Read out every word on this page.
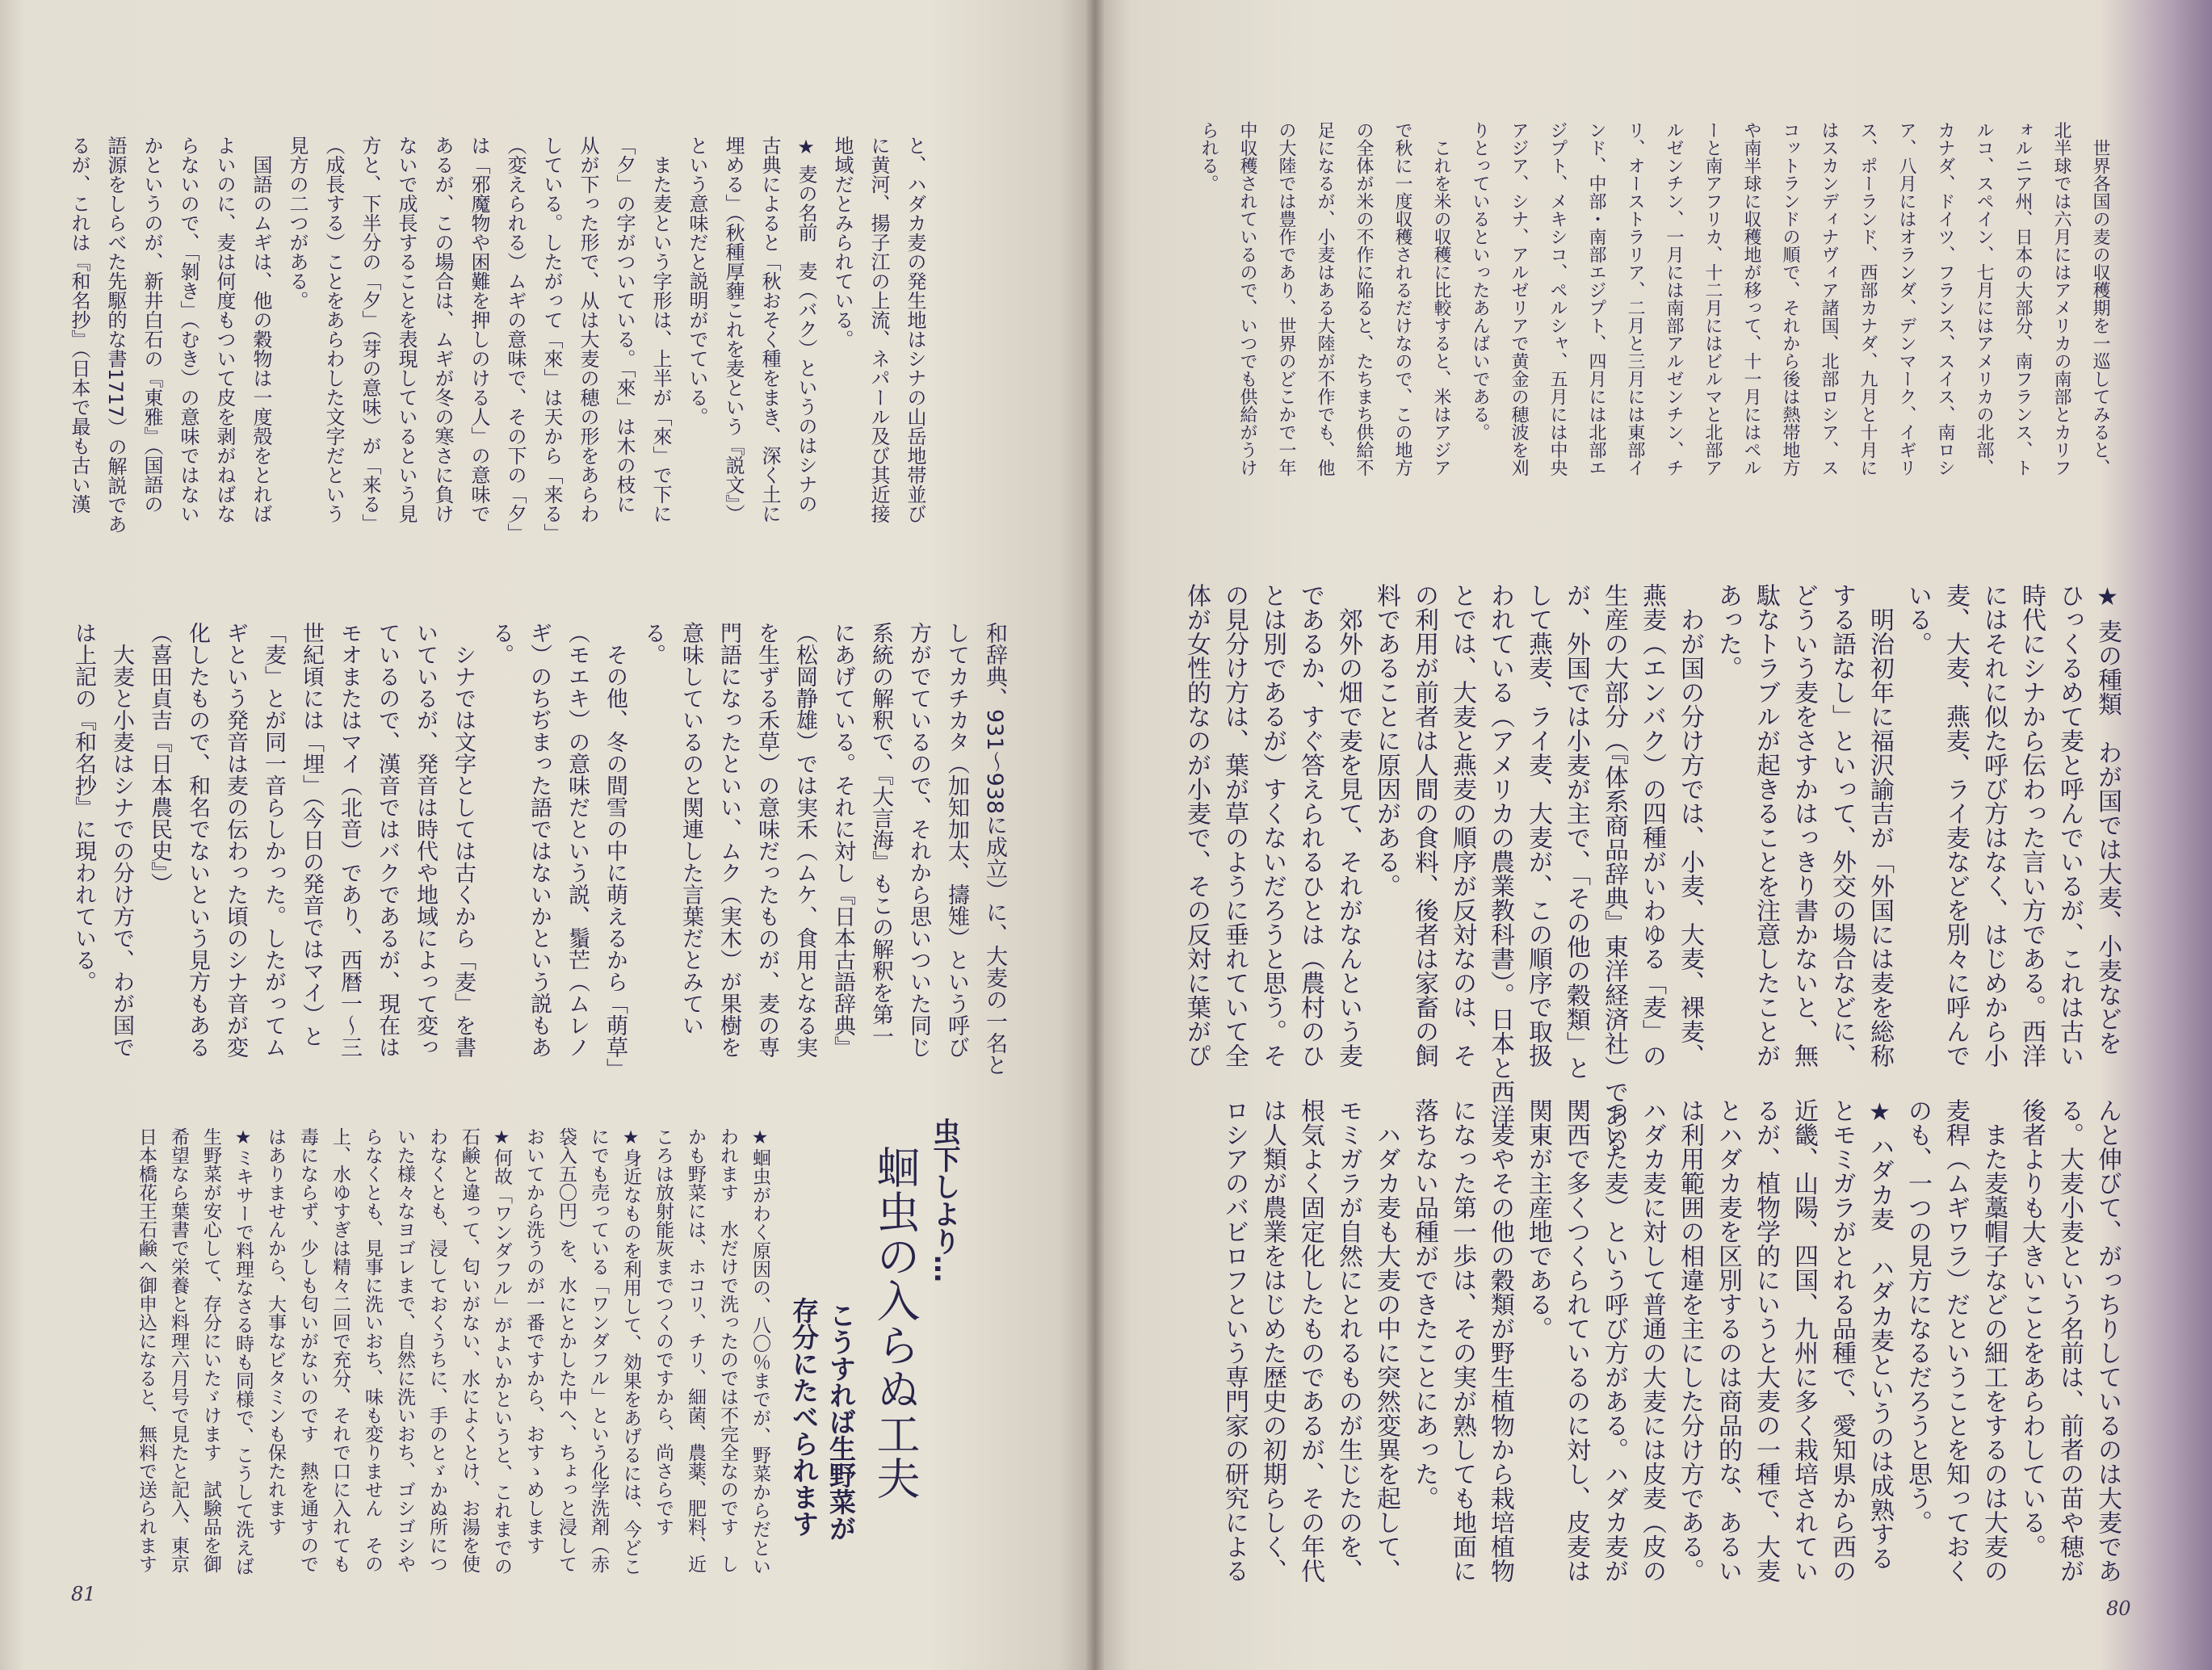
　世界各国の麦の収穫期を一巡してみると、
北半球では六月にはアメリカの南部とカリフ
ォルニア州、日本の大部分、南フランス、ト
ルコ、スペイン、七月にはアメリカの北部、
カナダ、ドイツ、フランス、スイス、南ロシ
ア、八月にはオランダ、デンマーク、イギリ
ス、ポーランド、西部カナダ、九月と十月に
はスカンディナヴィア諸国、北部ロシア、ス
コットランドの順で、それから後は熱帯地方
や南半球に収穫地が移って、十一月にはペル
ーと南アフリカ、十二月にはビルマと北部ア
ルゼンチン、一月には南部アルゼンチン、チ
リ、オーストラリア、二月と三月には東部イ
ンド、中部・南部エジプト、四月には北部エ
ジプト、メキシコ、ペルシャ、五月には中央
アジア、シナ、アルゼリアで黄金の穂波を刈
りとっているといったあんばいである。
　これを米の収穫に比較すると、米はアジア
で秋に一度収穫されるだけなので、この地方
の全体が米の不作に陥ると、たちまち供給不
足になるが、小麦はある大陸が不作でも、他
の大陸では豊作であり、世界のどこかで一年
中収穫されているので、いつでも供給がうけ
られる。
★ 麦の種類　わが国では大麦、小麦などを
ひっくるめて麦と呼んでいるが、これは古い
時代にシナから伝わった言い方である。西洋
にはそれに似た呼び方はなく、はじめから小
麦、大麦、燕麦、ライ麦などを別々に呼んで
いる。
　明治初年に福沢諭吉が「外国には麦を総称
する語なし」といって、外交の場合などに、
どういう麦をさすかはっきり書かないと、無
駄なトラブルが起きることを注意したことが
あった。
　わが国の分け方では、小麦、大麦、裸麦、
燕麦（エンバク）の四種がいわゆる「麦」の
生産の大部分（『体系商品辞典』東洋経済社）である
が、外国では小麦が主で、「その他の穀類」と
して燕麦、ライ麦、大麦が、この順序で取扱
われている（アメリカの農業教科書）。日本と西洋
とでは、大麦と燕麦の順序が反対なのは、そ
の利用が前者は人間の食料、後者は家畜の飼
料であることに原因がある。
　郊外の畑で麦を見て、それがなんという麦
であるか、すぐ答えられるひとは（農村のひ
とは別であるが）すくないだろうと思う。そ
の見分け方は、葉が草のように垂れていて全
体が女性的なのが小麦で、その反対に葉がぴ
んと伸びて、がっちりしているのは大麦であ
る。大麦小麦という名前は、前者の苗や穂が
後者よりも大きいことをあらわしている。
　また麦藁帽子などの細工をするのは大麦の
麦稈（ムギワラ）だということを知っておく
のも、一つの見方になるだろうと思う。
★ ハダカ麦　ハダカ麦というのは成熟する
とモミガラがとれる品種で、愛知県から西の
近畿、山陽、四国、九州に多く栽培されてい
るが、植物学的にいうと大麦の一種で、大麦
とハダカ麦を区別するのは商品的な、あるい
は利用範囲の相違を主にした分け方である。
ハダカ麦に対して普通の大麦には皮麦（皮の
ついた麦）という呼び方がある。ハダカ麦が
関西で多くつくられているのに対し、皮麦は
関東が主産地である。
　麦やその他の穀類が野生植物から栽培植物
になった第一歩は、その実が熟しても地面に
落ちない品種ができたことにあった。
　ハダカ麦も大麦の中に突然変異を起して、
モミガラが自然にとれるものが生じたのを、
根気よく固定化したものであるが、その年代
は人類が農業をはじめた歴史の初期らしく、
ロシアのバビロフという専門家の研究による
80
と、ハダカ麦の発生地はシナの山岳地帯並び
に黄河、揚子江の上流、ネパール及び其近接
地域だとみられている。
★ 麦の名前　麦（バク）というのはシナの
古典によると「秋おそく種をまき、深く土に
埋める」（秋種厚薶これを麦という『説文』）
という意味だと説明がでている。
　また麦という字形は、上半が「來」で下に
「夕」の字がついている。「來」は木の枝に
从が下った形で、从は大麦の穂の形をあらわ
している。したがって「來」は天から「来る」
（変えられる）ムギの意味で、その下の「夕」
は「邪魔物や困難を押しのける人」の意味で
あるが、この場合は、ムギが冬の寒さに負け
ないで成長することを表現しているという見
方と、下半分の「夕」（芽の意味）が「来る」
（成長する）ことをあらわした文字だという
見方の二つがある。
　国語のムギは、他の穀物は一度殻をとれば
よいのに、麦は何度もついて皮を剥がねばな
らないので、「剝き」（むき）の意味ではない
かというのが、新井白石の『東雅』（国語の
語源をしらべた先駆的な書1717）の解説であ
るが、これは『和名抄』（日本で最も古い漢
和辞典、931〜938に成立）に、大麦の一名と
してカチカタ（加知加太、擣雉）という呼び
方がでているので、それから思いついた同じ
系統の解釈で、『大言海』もこの解釈を第一
にあげている。それに対し『日本古語辞典』
（松岡静雄）では実禾（ムケ、食用となる実
を生ずる禾草）の意味だったものが、麦の専
門語になったといい、ムク（実木）が果樹を
意味しているのと関連した言葉だとみてい
る。
　その他、冬の間雪の中に萌えるから「萌草」
（モエキ）の意味だという説、鬚芒（ムレノ
ギ）のちぢまった語ではないかという説もあ
る。
　シナでは文字としては古くから「麦」を書
いているが、発音は時代や地域によって変っ
ているので、漢音ではバクであるが、現在は
モオまたはマイ（北音）であり、西暦一〜三
世紀頃には「埋」（今日の発音ではマイ）と
「麦」とが同一音らしかった。したがってム
ギという発音は麦の伝わった頃のシナ音が変
化したもので、和名でないという見方もある
（喜田貞吉『日本農民史』）
　大麦と小麦はシナでの分け方で、わが国で
は上記の『和名抄』に現われている。
虫下しより…
蛔虫の入らぬ工夫
こうすれば生野菜が
存分にたべられます
★蛔虫がわく原因の、八〇％までが、野菜からだとい
われます　水だけで洗ったのでは不完全なのです　し
かも野菜には、ホコリ、チリ、細菌、農薬、肥料、近
ころは放射能灰までつくのですから、尚さらです
★身近なものを利用して、効果をあげるには、今どこ
にでも売っている「ワンダフル」という化学洗剤（赤
袋入五〇円）を、水にとかした中へ、ちょっと浸して
おいてから洗うのが一番ですから、おすゝめします
★何故「ワンダフル」がよいかというと、これまでの
石鹸と違って、匂いがない、水によくとけ、お湯を使
わなくとも、浸しておくうちに、手のとゞかぬ所につ
いた様々なヨゴレまで、自然に洗いおち、ゴシゴシや
らなくとも、見事に洗いおち、味も変りません　その
上、水ゆすぎは精々二回で充分、それで口に入れても
毒にならず、少しも匂いがないのです　熱を通すので
はありませんから、大事なビタミンも保たれます
★ミキサーで料理なさる時も同様で、こうして洗えば
生野菜が安心して、存分にいたゞけます　試験品を御
希望なら葉書で栄養と料理六月号で見たと記入、東京
日本橋花王石鹸へ御申込になると、無料で送られます
81
